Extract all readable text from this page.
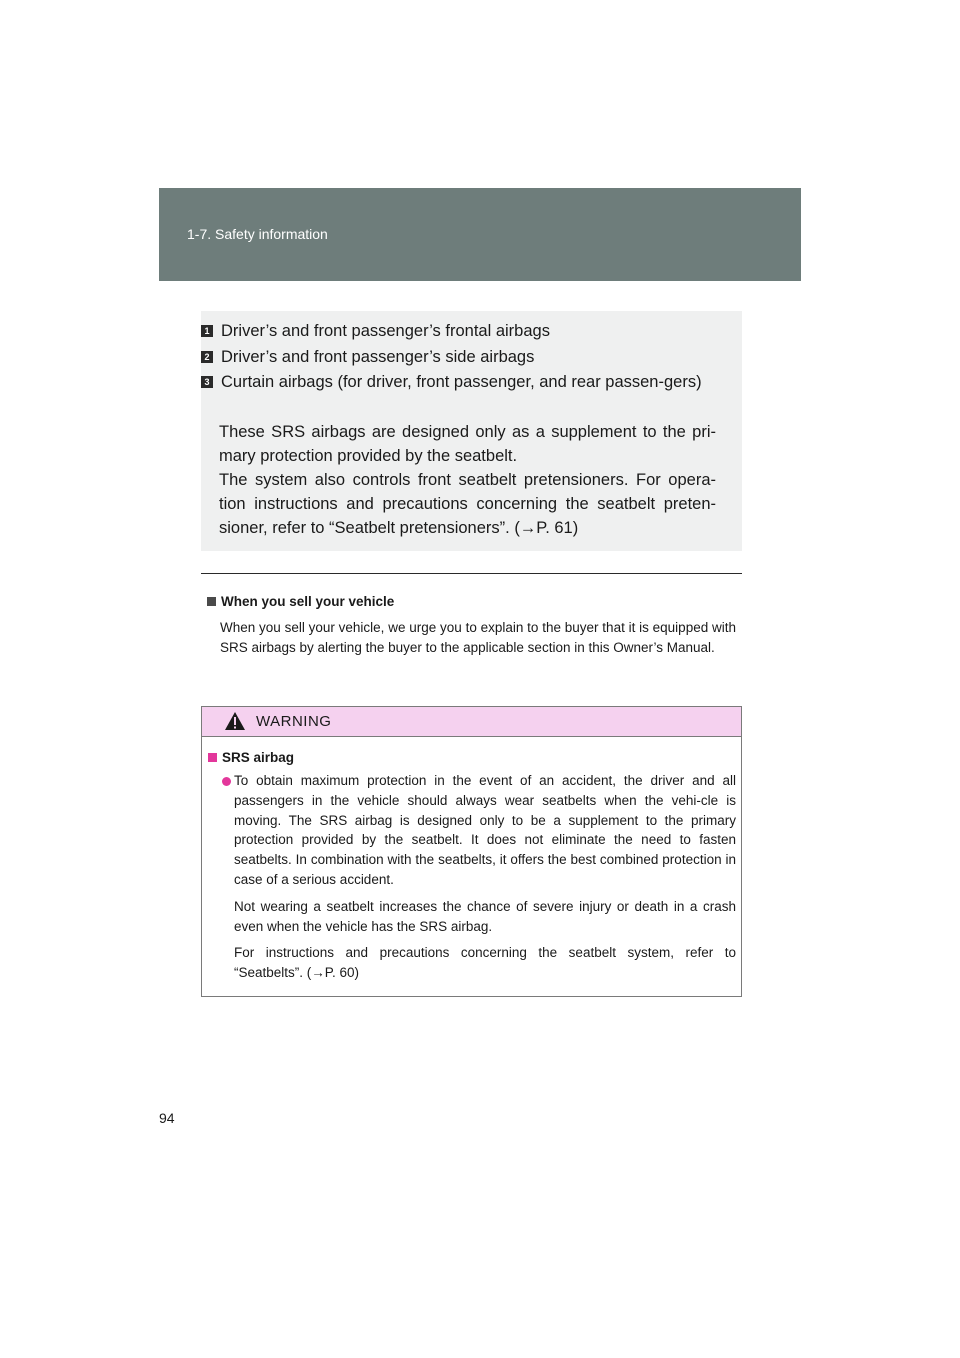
1-7. Safety information
1 Driver’s and front passenger’s frontal airbags
2 Driver’s and front passenger’s side airbags
3 Curtain airbags (for driver, front passenger, and rear passen-gers)
These SRS airbags are designed only as a supplement to the pri-mary protection provided by the seatbelt.
The system also controls front seatbelt pretensioners. For opera-tion instructions and precautions concerning the seatbelt preten-sioner, refer to “Seatbelt pretensioners”. (→P. 61)
When you sell your vehicle
When you sell your vehicle, we urge you to explain to the buyer that it is equipped with SRS airbags by alerting the buyer to the applicable section in this Owner’s Manual.
WARNING
SRS airbag
To obtain maximum protection in the event of an accident, the driver and all passengers in the vehicle should always wear seatbelts when the vehi-cle is moving. The SRS airbag is designed only to be a supplement to the primary protection provided by the seatbelt. It does not eliminate the need to fasten seatbelts. In combination with the seatbelts, it offers the best combined protection in case of a serious accident.
Not wearing a seatbelt increases the chance of severe injury or death in a crash even when the vehicle has the SRS airbag.
For instructions and precautions concerning the seatbelt system, refer to “Seatbelts”. (→P. 60)
94
